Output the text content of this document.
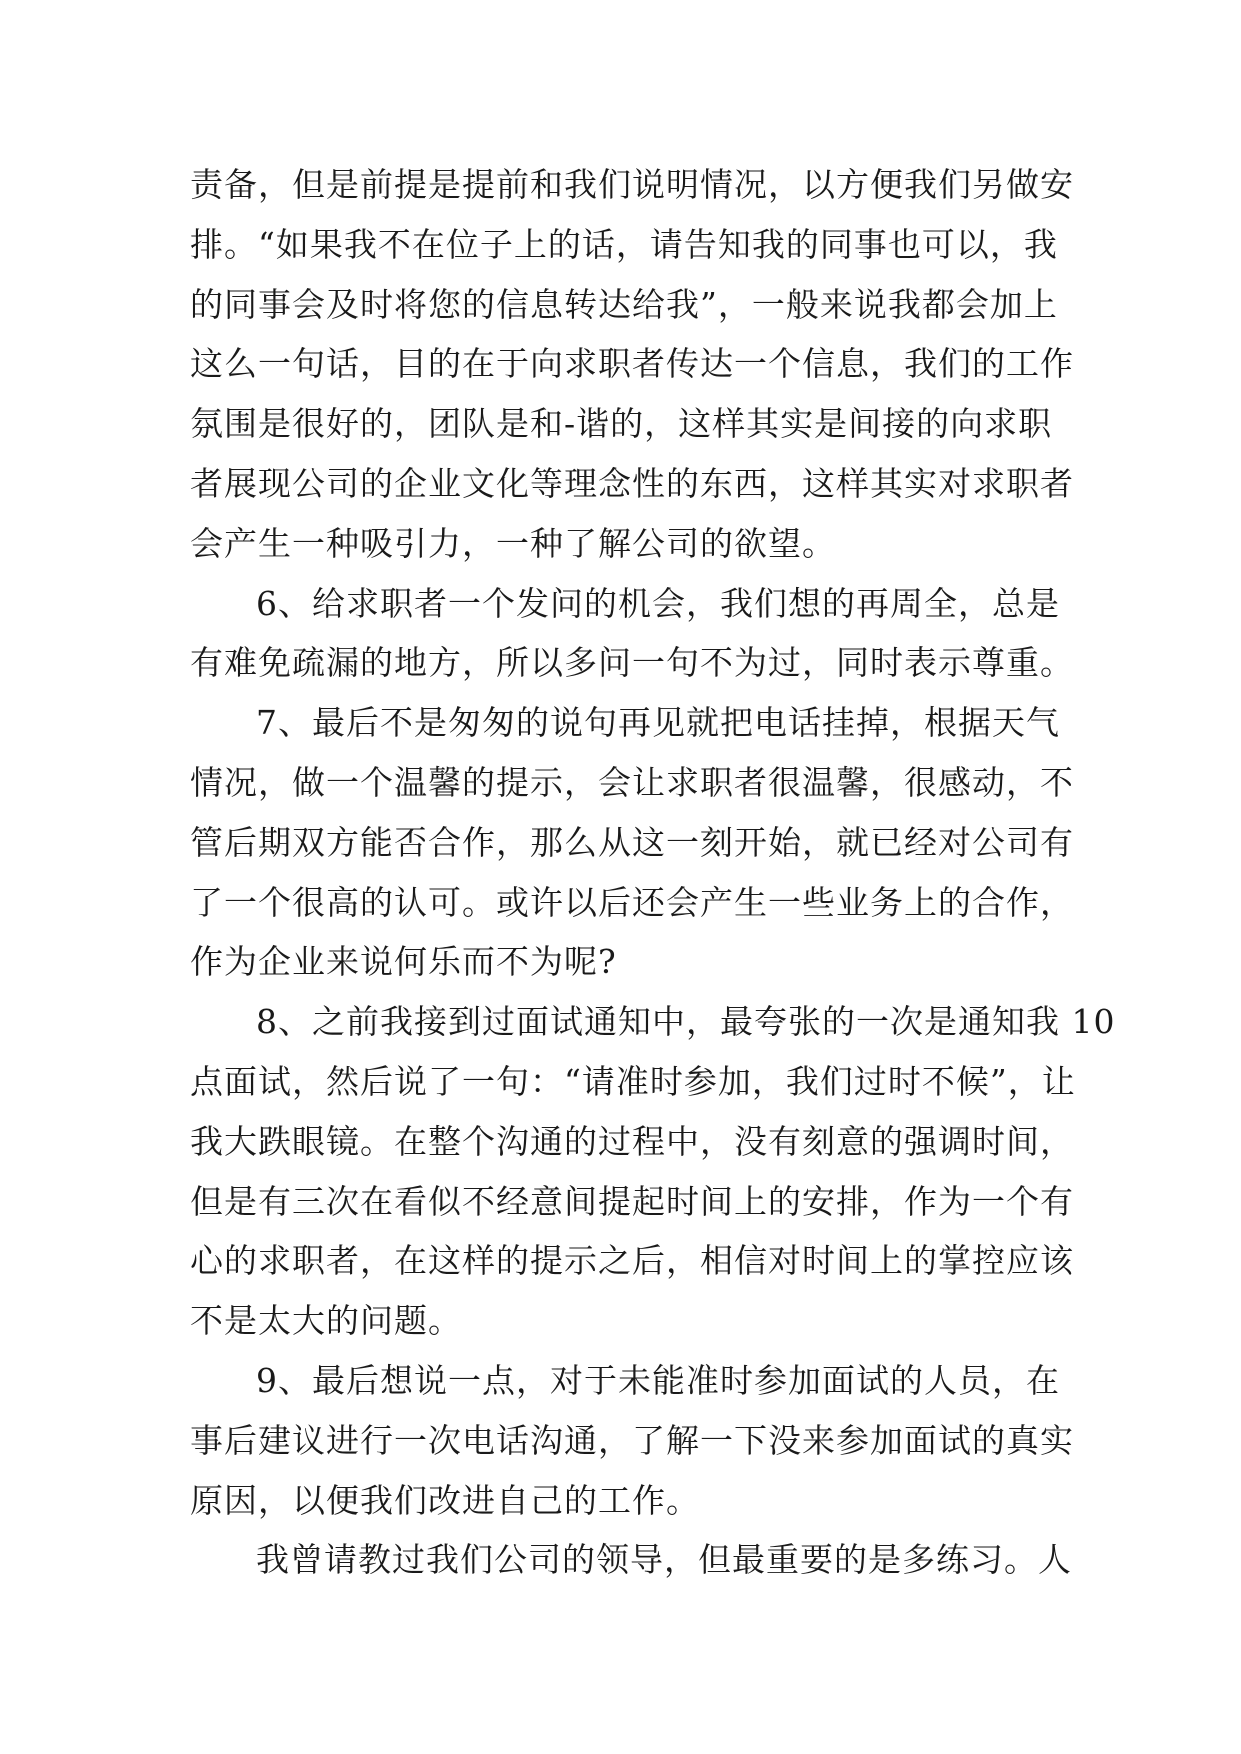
责备，但是前提是提前和我们说明情况，以方便我们另做安
排。“如果我不在位子上的话，请告知我的同事也可以，我
的同事会及时将您的信息转达给我”，一般来说我都会加上
这么一句话，目的在于向求职者传达一个信息，我们的工作
氛围是很好的，团队是和-谐的，这样其实是间接的向求职
者展现公司的企业文化等理念性的东西，这样其实对求职者
会产生一种吸引力，一种了解公司的欲望。
6、给求职者一个发问的机会，我们想的再周全，总是
有难免疏漏的地方，所以多问一句不为过，同时表示尊重。
7、最后不是匆匆的说句再见就把电话挂掉，根据天气
情况，做一个温馨的提示，会让求职者很温馨，很感动，不
管后期双方能否合作，那么从这一刻开始，就已经对公司有
了一个很高的认可。或许以后还会产生一些业务上的合作，
作为企业来说何乐而不为呢?
8、之前我接到过面试通知中，最夸张的一次是通知我 10
点面试，然后说了一句：“请准时参加，我们过时不候”，让
我大跌眼镜。在整个沟通的过程中，没有刻意的强调时间，
但是有三次在看似不经意间提起时间上的安排，作为一个有
心的求职者，在这样的提示之后，相信对时间上的掌控应该
不是太大的问题。
9、最后想说一点，对于未能准时参加面试的人员，在
事后建议进行一次电话沟通，了解一下没来参加面试的真实
原因，以便我们改进自己的工作。
我曾请教过我们公司的领导，但最重要的是多练习。人
